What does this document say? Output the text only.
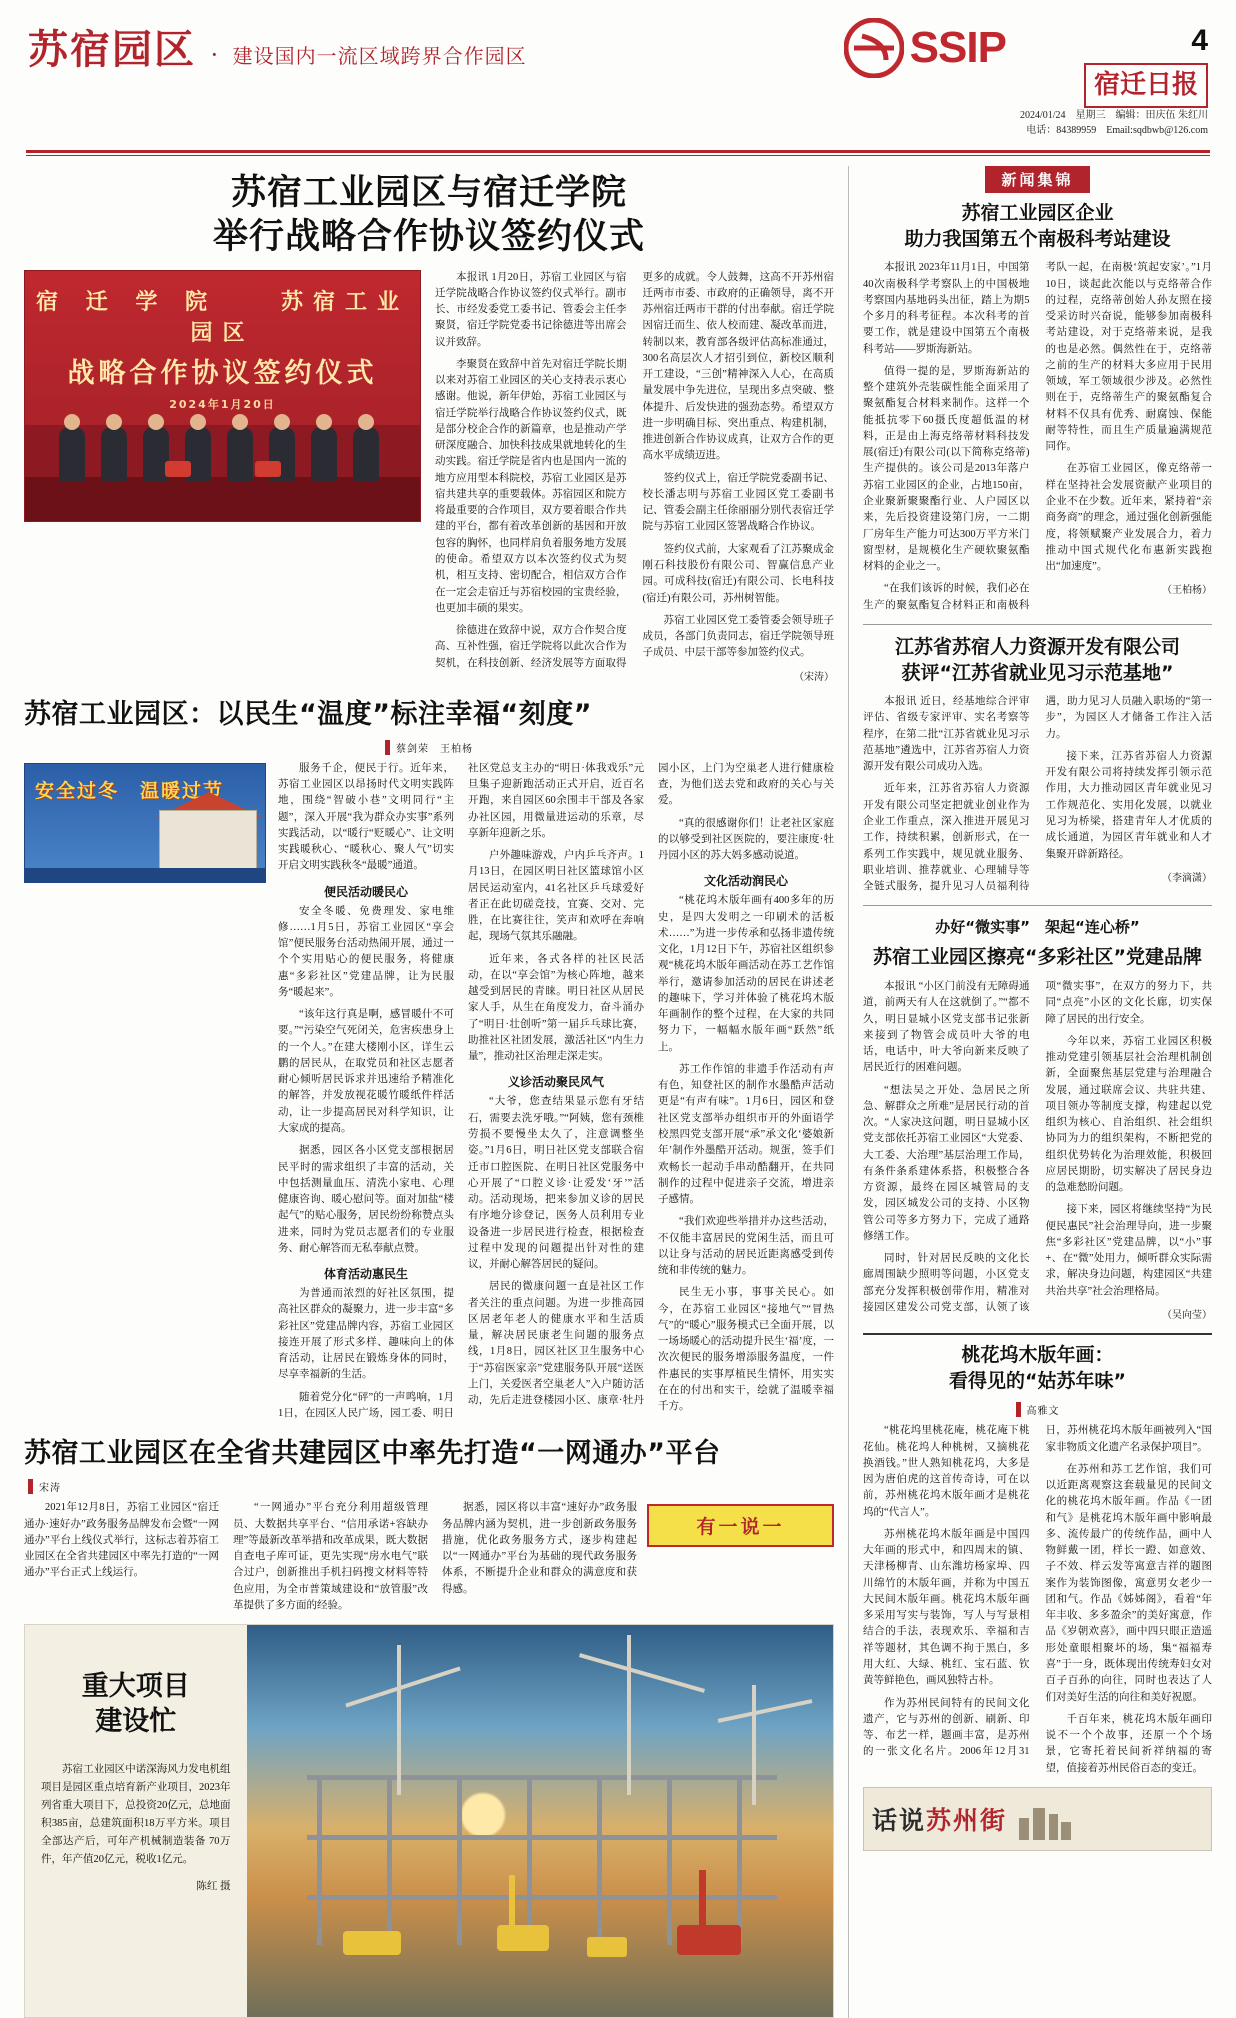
苏宿园区 · 建设国内一流区域跨界合作园区	SSIP	4
宿迁日报
2024/01/24　星期三　编辑：田庆伍 朱红川
电话：84389959　Email:sqdbwb@126.com
苏宿工业园区与宿迁学院
举行战略合作协议签约仪式
宿 迁 学 院　　苏宿工业园区
战略合作协议签约仪式
2024年1月20日

本报讯 1月20日，苏宿工业园区与宿迁学院战略合作协议签约仪式举行。副市长、市经发委党工委书记、管委会主任李聚贤，宿迁学院党委书记徐德进等出席会议并致辞。

李聚贤在致辞中首先对宿迁学院长期以来对苏宿工业园区的关心支持表示衷心感谢。他说，新年伊始，苏宿工业园区与宿迁学院举行战略合作协议签约仪式，既是部分校企合作的新篇章，也是推动产学研深度融合、加快科技成果就地转化的生动实践。宿迁学院是省内也是国内一流的地方应用型本科院校，苏宿工业园区是苏宿共建共享的重要载体。苏宿园区和院方将最重要的合作项目，双方要着眼合作共建的平台，都有着改革创新的基因和开放包容的胸怀，也同样肩负着服务地方发展的使命。希望双方以本次签约仪式为契机，相互支持、密切配合，相信双方合作在一定会走宿迁与苏宿校园的宝贵经验，也更加丰硕的果实。

徐德进在致辞中说，双方合作契合度高、互补性强，宿迁学院将以此次合作为契机，在科技创新、经济发展等方面取得更多的成就。令人鼓舞，这高不开苏州宿迁两市市委、市政府的正确领导，离不开苏州宿迁两市干群的付出奉献。宿迁学院因宿迁而生、依人校而建、凝改革而进，转制以来，教育部各级评估高标准通过，300名高层次人才招引到位，新校区顺利开工建设，“三创”精神深入人心，在高质量发展中争先进位，呈现出多点突破、整体提升、后发快进的强劲态势。希望双方进一步明确目标、突出重点、构建机制，推进创新合作协议成真，让双方合作的更高水平成绩迈进。

签约仪式上，宿迁学院党委副书记、校长潘志明与苏宿工业园区党工委副书记、管委会副主任徐丽丽分别代表宿迁学院与苏宿工业园区签署战略合作协议。

签约仪式前，大家观看了江苏聚成金刚石科技股份有限公司、智赢信息产业园。可成科技(宿迁)有限公司、长电科技(宿迁)有限公司，苏州树智能。

苏宿工业园区党工委管委会领导班子成员，各部门负责同志，宿迁学院领导班子成员、中层干部等参加签约仪式。

（宋涛）
苏宿工业园区：以民生“温度”标注幸福“刻度”
蔡剑荣　王柏杨
安全过冬　温暖过节

服务千企，便民于行。近年来，苏宿工业园区以昂扬时代文明实践阵地，围绕“智破小巷”文明同行“主题”，深入开展“我为群众办实事”系列实践活动，以“暖行“贬暖心”、让文明实践暖秋心、“暖秋心、聚人气”切实开启文明实践秋冬“最暖”通道。

便民活动暖民心

安全冬暖、免费理发、家电维修……1月5日，苏宿工业园区“享会馆”便民服务台活动热闹开展，通过一个个实用贴心的便民服务，将健康惠“多彩社区”党建品牌，让为民服务“暖起来”。

“该年这行真是啊，感冒暖什不可要。”“污染空气死闭关，危害疾患身上的一个人。”在建大楼刚小区，详生云鹏的居民从，在取党员和社区志愿者耐心倾听居民诉求并迅速给予精准化的解答，并发放视花暖竹暖纸件样活动，让一步提高居民对科学知识，让大家成的提高。

据悉，园区各小区党支部根据居民平时的需求组织了丰富的活动，关中包括测量血压、清洗小家电、心理健康咨询、暖心慰问等。面对加盐“楼起气”的贴心服务，居民纷纷称赞点头进来，同时为党员志愿者们的专业服务、耐心解答而无私奉献点赞。

体育活动惠民生

为普通而浓烈的好社区氛围，提高社区群众的凝聚力，进一步丰富“多彩社区”党建品牌内容，苏宿工业园区接连开展了形式多样、趣味向上的体育活动，让居民在锻炼身体的同时，尽享幸福新的生活。

随着党分化“砰”的一声鸣响，1月1日，在园区人民广场，园工委、明日社区党总支主办的“明日·体我戏乐”元旦集子迎新跑活动正式开启，近百名开跑，来自园区60余围丰干部及各家办社区园，用微量进运动的乐章，尽享新年迎新之乐。

户外趣味游戏，户内乒乓齐声。1月13日，在园区明日社区篮球馆小区居民运动室内，41名社区乒乓球爱好者正在此切磋竞技，宜赛、交对、完胜，在比赛往往，笑声和欢呼在奔响起，现场气氛其乐融融。

近年来，各式各样的社区民活动，在以“享会馆”为核心阵地，越来越受到居民的青睐。明日社区从居民家人手，从生在角度发力，奋斗涌办了“明日·壮创听”第一届乒乓球比赛，助推社区社团发展，激活社区“内生力量”，推动社区治理走深走实。

义诊活动聚民风气

“大爷，您查结果显示您有牙结石，需要去洗牙哦。”“阿姨，您有颈椎劳损不要慢坐太久了，注意调整坐姿。”1月6日，明日社区党支部联合宿迁市口腔医院、在明日社区党服务中心开展了“口腔义诊·让爱发‘牙’”活动。活动现场，把来参加义诊的居民有序地分诊登记，医务人员利用专业设备进一步居民进行检查，根据检查过程中发现的问题提出针对性的建议，并耐心解答居民的疑问。

居民的微康问题一直是社区工作者关注的重点问题。为进一步推高园区居老年老人的健康水平和生活质量，解决居民康老生问题的服务点线，1月8日，园区社区卫生服务中心于“苏宿医家亲”党建服务队开展“送医上门，关爱医者空巢老人”入户随访活动，先后走进登楼园小区、康章·牡丹园小区，上门为空巢老人进行健康检查，为他们送去党和政府的关心与关爱。

“真的很感谢你们！让老社区家庭的以够受到社区医院的，要注康度·牡丹园小区的苏大妈多感动说道。

文化活动润民心

“桃花坞木版年画有400多年的历史，是四大发明之一印刷术的活板术……”为进一步传承和弘扬非遗传统文化，1月12日下午，苏宿社区组织参观“桃花坞木版年画活动在苏工艺作馆举行，邀请参加活动的居民在讲述老的趣味下，学习并体验了桃花坞木版年画制作的整个过程，在大家的共同努力下，一幅幅水版年画“跃然”纸上。

苏工作作馆的非遗手作活动有声有色，知登社区的制作水墨酷声活动更是“有声有味”。1月6日，园区和登社区党支部举办组织市开的外面语学校黑四党支部开展“承”承文化‘婆娘新年’制作外墨酷开活动。规蛋，签手们欢畅长一起动手串动酷翻开，在共同制作的过程中促进亲子交流，增进亲子感情。

“我们欢迎些举措并办这些活动，不仅能丰富居民的党闲生活，而且可以让身与活动的居民近距离感受到传统和非传统的魅力。

民生无小事，事事关民心。如今，在苏宿工业园区“接地气”“冒热气”的“暖心”服务模式已全面开展，以一场场暖心的活动提升民生‘福’度，一次次便民的服务增添服务温度，一件件惠民的实事厚植民生情怀，用实实在在的付出和实干，绘就了温暖幸福千方。

苏宿工业园区在全省共建园区中率先打造“一网通办”平台
宋涛
有一说一

2021年12月8日，苏宿工业园区“宿迁通办·速好办”政务服务品牌发布会暨“一网通办”平台上线仪式举行，这标志着苏宿工业园区在全省共建园区中率先打造的“一网通办”平台正式上线运行。

“一网通办”平台充分利用超级管理员、大数据共享平台、“信用承诺+容缺办理”等最新改革举措和改革成果，既大数据自查电子库可证，更先实现“房水电气”联合过户，创新推出手机扫码搜文材料等特色应用，为全市普策域建设和“放管服”改革提供了多方面的经验。

据悉，园区将以丰富“速好办”政务服务品牌内涵为契机，进一步创新政务服务措施，优化政务服务方式，逐步构建起以“一网通办”平台为基础的现代政务服务体系，不断提升企业和群众的满意度和获得感。

重大项目
建设忙
苏宿工业园区中诺深海风力发电机组项目是园区重点培育新产业项目，2023年列省重大项目下，总投资20亿元，总地面积385亩，总建筑面积18万平方米。项目全部达产后，可年产机械制造装备 70万件，年产值20亿元，税收1亿元。
陈红 摄
新闻集锦
苏宿工业园区企业
助力我国第五个南极科考站建设

本报讯 2023年11月1日，中国第40次南极科学考察队上的中国极地考察国内基地码头出征，踏上为期5个多月的科考征程。本次科考的首要工作，就是建设中国第五个南极科考站——罗斯海新站。

值得一提的是，罗斯海新站的整个建筑外壳装碳性能全面采用了聚氨酯复合材料来制作。这样一个能抵抗零下60摄氏度超低温的材料，正是由上海克络蒂材料科技发展(宿迁)有限公司(以下简称克络蒂)生产提供的。该公司是2013年落户苏宿工业园区的企业，占地150亩，企业聚新聚聚酯行业、人户园区以来，先后投资建设第门房，一二期厂房年生产能力可达300万平方米门窗型材，是规模化生产硬软聚氨酯材料的企业之一。

“在我们该诉的时候，我们必在生产的聚氨酯复合材料正和南极科考队一起，在南极‘筑起安家’。”1月10日，谈起此次能以与克络蒂合作的过程，克络蒂创始人孙友照在接受采访时兴奋说，能够参加南极科考站建设，对于克络蒂来说，是我的也是必然。偶然性在于，克络蒂之前的生产的材料大多应用于民用领域，军工领域很少涉及。必然性则在于，克络蒂生产的聚氨酯复合材料不仅具有优秀、耐腐蚀、保能耐等特性，而且生产质量遍满规范同作。

在苏宿工业园区，像克络蒂一样在坚持社会发展资献产业项目的企业不在少数。近年来，紧持着“亲商务商”的理念，通过强化创新强能度，将领赋聚产业发展合力，着力推动中国式规代化布惠新实践抱出“加速度”。

（王柏杨）
江苏省苏宿人力资源开发有限公司
获评“江苏省就业见习示范基地”

本报讯 近日，经基地综合评审评估、省级专家评审、实名考察等程序，在第二批“江苏省就业见习示范基地”遴选中，江苏省苏宿人力资源开发有限公司成功入选。

近年来，江苏省苏宿人力资源开发有限公司坚定把就业创业作为企业工作重点，深入推进开展见习工作，持续积累，创新形式，在一系列工作实践中，规见就业服务、职业培训、推荐就业、心理辅导等全链式服务，提升见习人员福利待遇，助力见习人员融入职场的“第一步”，为园区人才储备工作注入活力。

接下来，江苏省苏宿人力资源开发有限公司将持续发挥引领示范作用，大力推动园区青年就业见习工作规范化、实用化发展，以就业见习为桥梁，搭建青年人才优质的成长通道，为园区青年就业和人才集聚开辟新路径。

（李滴潇）
办好“微实事”　架起“连心桥”
苏宿工业园区擦亮“多彩社区”党建品牌

本报讯 “小区门前没有无障碍通道，前两天有人在这就倒了。”“都不久，明日显城小区党支部书记张新来接到了物管会成员叶大爷的电话，电话中，叶大爷向新来反映了居民近行的困难问题。

“想法吴之开处、急居民之所急、解群众之所难”是居民行动的首次。“人家决这问题，明日显城小区党支部依托苏宿工业园区“大党委、大工委、大治理”基层治理工作局，有条件条系建体系搭，积极整合各方资源，最终在园区城管局的支发，园区城发公司的支持、小区物管公司等多方努力下，完成了通路修缮工作。

同时，针对居民反映的文化长廊周围缺少照明等问题，小区党支部充分发挥积极创带作用，精准对接园区建发公司党支部，认领了该项“微实事”，在双方的努力下，共同“点亮”小区的文化长廊，切实保障了居民的出行安全。

今年以来，苏宿工业园区积极推动党建引领基层社会治理机制创新，全面聚焦基层党建与治理融合发展，通过联席会议、共驻共建、项目领办等制度支撑，构建起以党组织为核心、自治组织、社会组织协同为力的组织架构，不断把党的组织优势转化为治理效能，积极回应居民期盼，切实解决了居民身边的急难愁盼问题。

接下来，园区将继续坚持“为民便民惠民”社会治理导向，进一步聚焦“多彩社区”党建品牌，以“小”事+、在“微”处用力，倾听群众实际需求，解决身边问题，构建园区“共建共治共享”社会治理格局。

（吴向莹）
桃花坞木版年画：
看得见的“姑苏年味”
高雅文

“桃花坞里桃花庵，桃花庵下桃花仙。桃花坞人种桃树，又摘桃花换酒钱。”世人熟知桃花坞，大多是因为唐伯虎的这首传奇诗，可在以前，苏州桃花坞木版年画才是桃花坞的“代言人”。

苏州桃花坞木版年画是中国四大年画的形式中，和四周末的镇、天津杨柳青、山东潍坊杨家埠、四川绵竹的木版年画，并称为中国五大民间木版年画。桃花坞木版年画多采用写实与装饰，写人与写景相结合的手法，表现欢乐、幸福和吉祥等题材，其色调不拘于黑白，多用大红、大绿、桃红、宝石蓝、钦黄等鲜艳色，画风独特古朴。

作为苏州民间特有的民间文化遗产，它与苏州的创新、刷新、印等、布艺一样，题画丰富，是苏州的一张文化名片。2006年12月31日，苏州桃花坞木版年画被列入“国家非物质文化遗产名录保护项目”。

在苏州和苏工艺作馆，我们可以近距离观察这套载量见的民间文化的桃花坞木版年画。作品《一团和气》是桃花坞木版年画中影响最多、流传最广的传统作品，画中人物鲜戴一团，样长一蹬、如意效、子不效、样云发等寓意吉祥的题图案作为装饰图像，寓意男女老少一团和气。作品《姊姊阁》，看着“年年丰收、多多盈余”的美好寓意，作品《岁朝欢喜》，画中四只眼正造遥形处童眼相聚坏的场，集“福福寿喜”于一身，既体现出传统寿妇女对百子百孙的向往，同时也表达了人们对美好生活的向往和美好祝愿。

千百年来，桃花坞木版年画印说不一个个故事，还原一个个场景，它寄托着民间祈祥纳福的寄望，值接着苏州民俗百态的变迁。

话说苏州街
